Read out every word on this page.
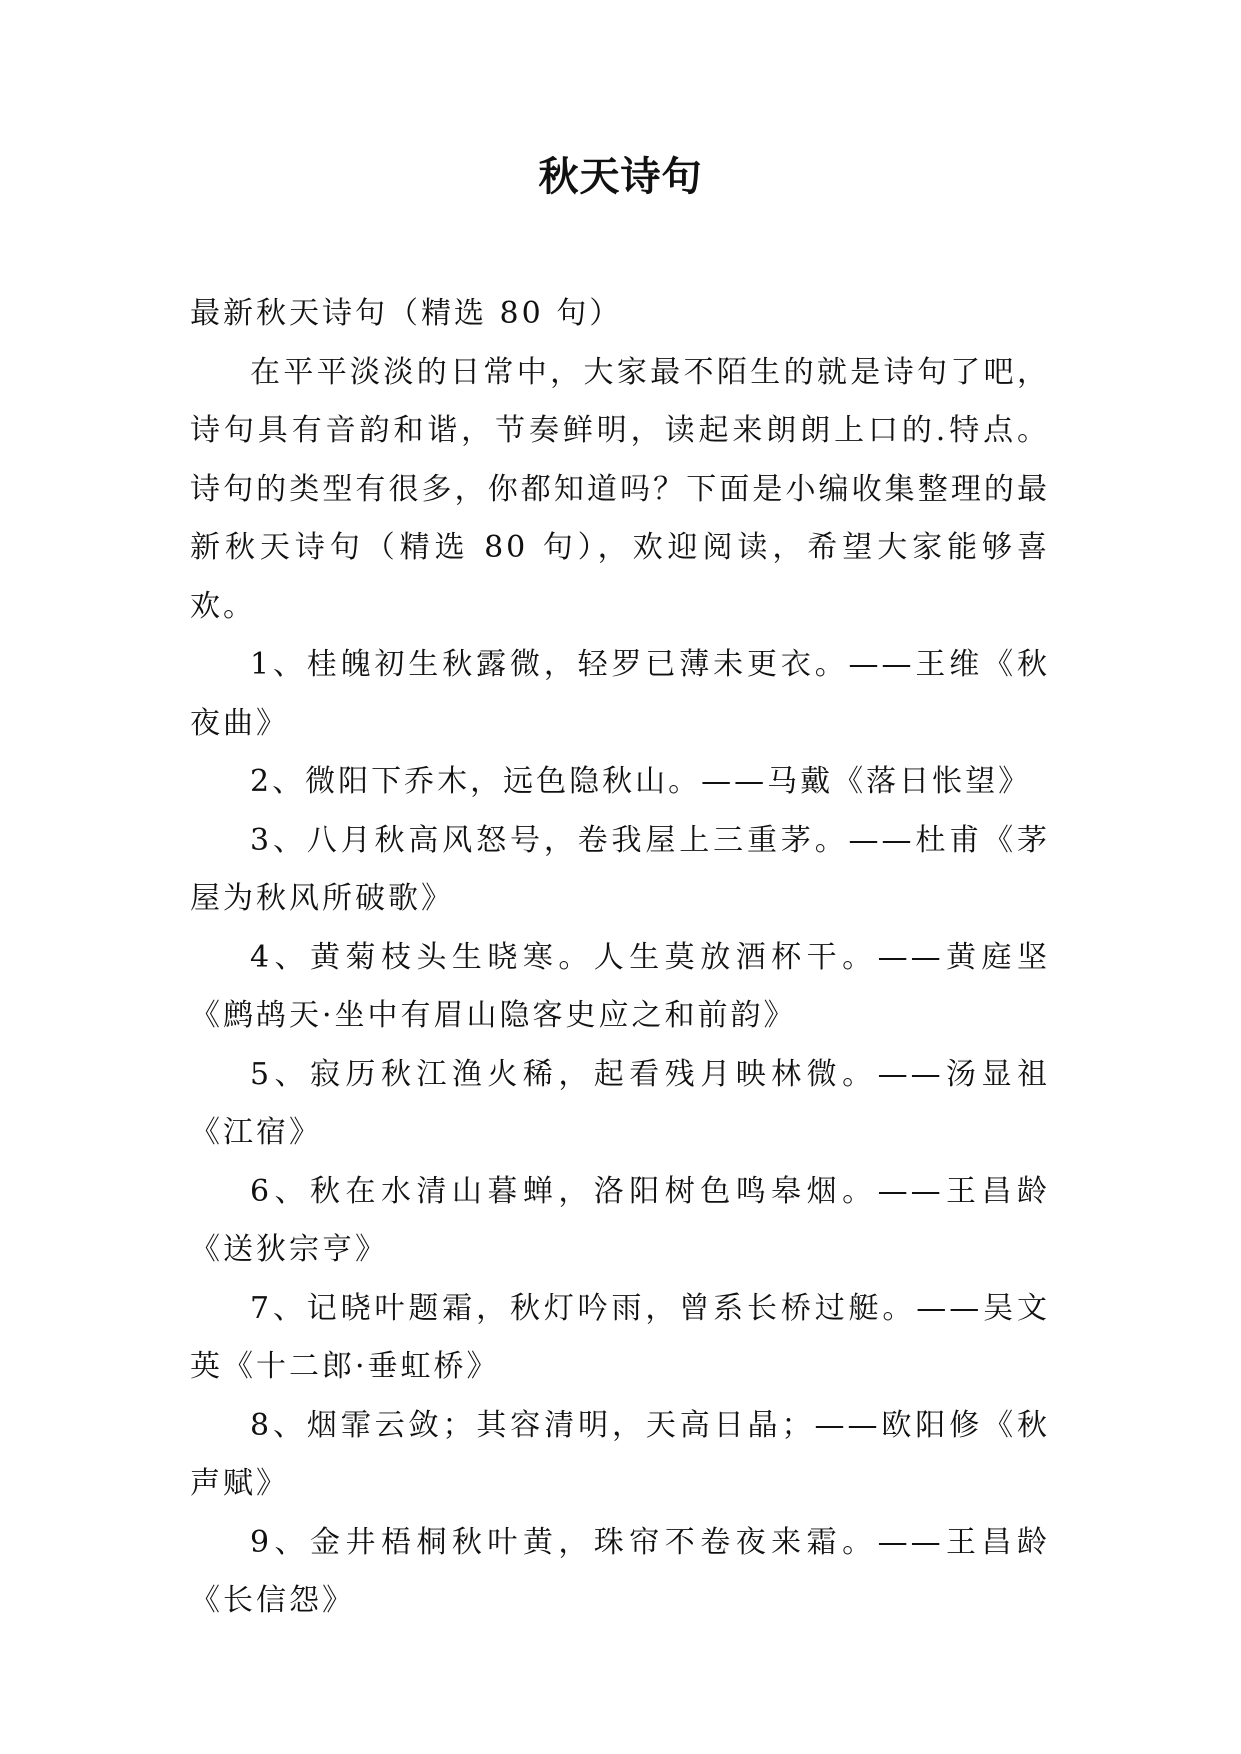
秋天诗句

最新秋天诗句（精选 80 句）

在平平淡淡的日常中，大家最不陌生的就是诗句了吧，诗句具有音韵和谐，节奏鲜明，读起来朗朗上口的.特点。诗句的类型有很多，你都知道吗？下面是小编收集整理的最新秋天诗句（精选 80 句），欢迎阅读，希望大家能够喜欢。

1、桂魄初生秋露微，轻罗已薄未更衣。——王维《秋夜曲》

2、微阳下乔木，远色隐秋山。——马戴《落日怅望》

3、八月秋高风怒号，卷我屋上三重茅。——杜甫《茅屋为秋风所破歌》

4、黄菊枝头生晓寒。人生莫放酒杯干。——黄庭坚《鹧鸪天·坐中有眉山隐客史应之和前韵》

5、寂历秋江渔火稀，起看残月映林微。——汤显祖《江宿》

6、秋在水清山暮蝉，洛阳树色鸣皋烟。——王昌龄《送狄宗亨》

7、记晓叶题霜，秋灯吟雨，曾系长桥过艇。——吴文英《十二郎·垂虹桥》

8、烟霏云敛；其容清明，天高日晶；——欧阳修《秋声赋》

9、金井梧桐秋叶黄，珠帘不卷夜来霜。——王昌龄《长信怨》
